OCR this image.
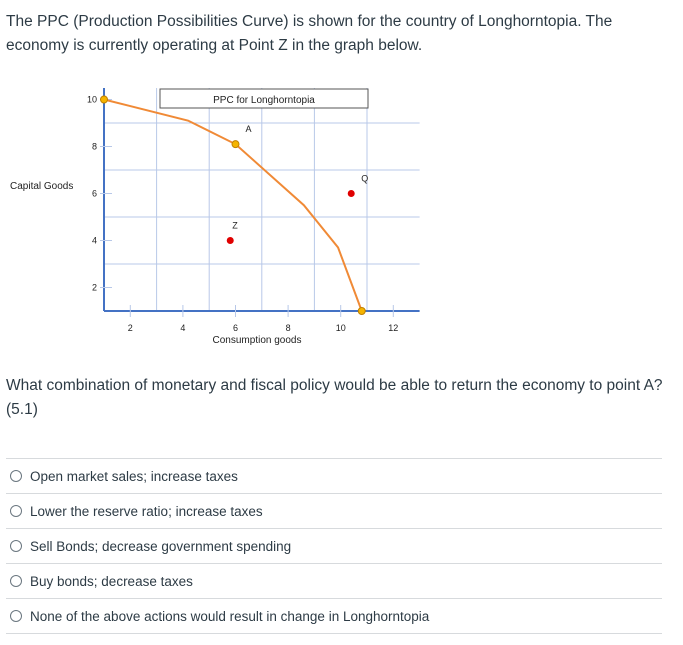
The PPC (Production Possibilities Curve) is shown for the country of Longhorntopia. The economy is currently operating at Point Z in the graph below.
PPC for Longhorntopia
Capital Goods
Consumption goods
2	4	6	8	10	12
2
4
6
8
10
A
Z
Q
What combination of monetary and fiscal policy would be able to return the economy to point A? (5.1)
Open market sales; increase taxes
Lower the reserve ratio; increase taxes
Sell Bonds; decrease government spending
Buy bonds; decrease taxes
None of the above actions would result in change in Longhorntopia
